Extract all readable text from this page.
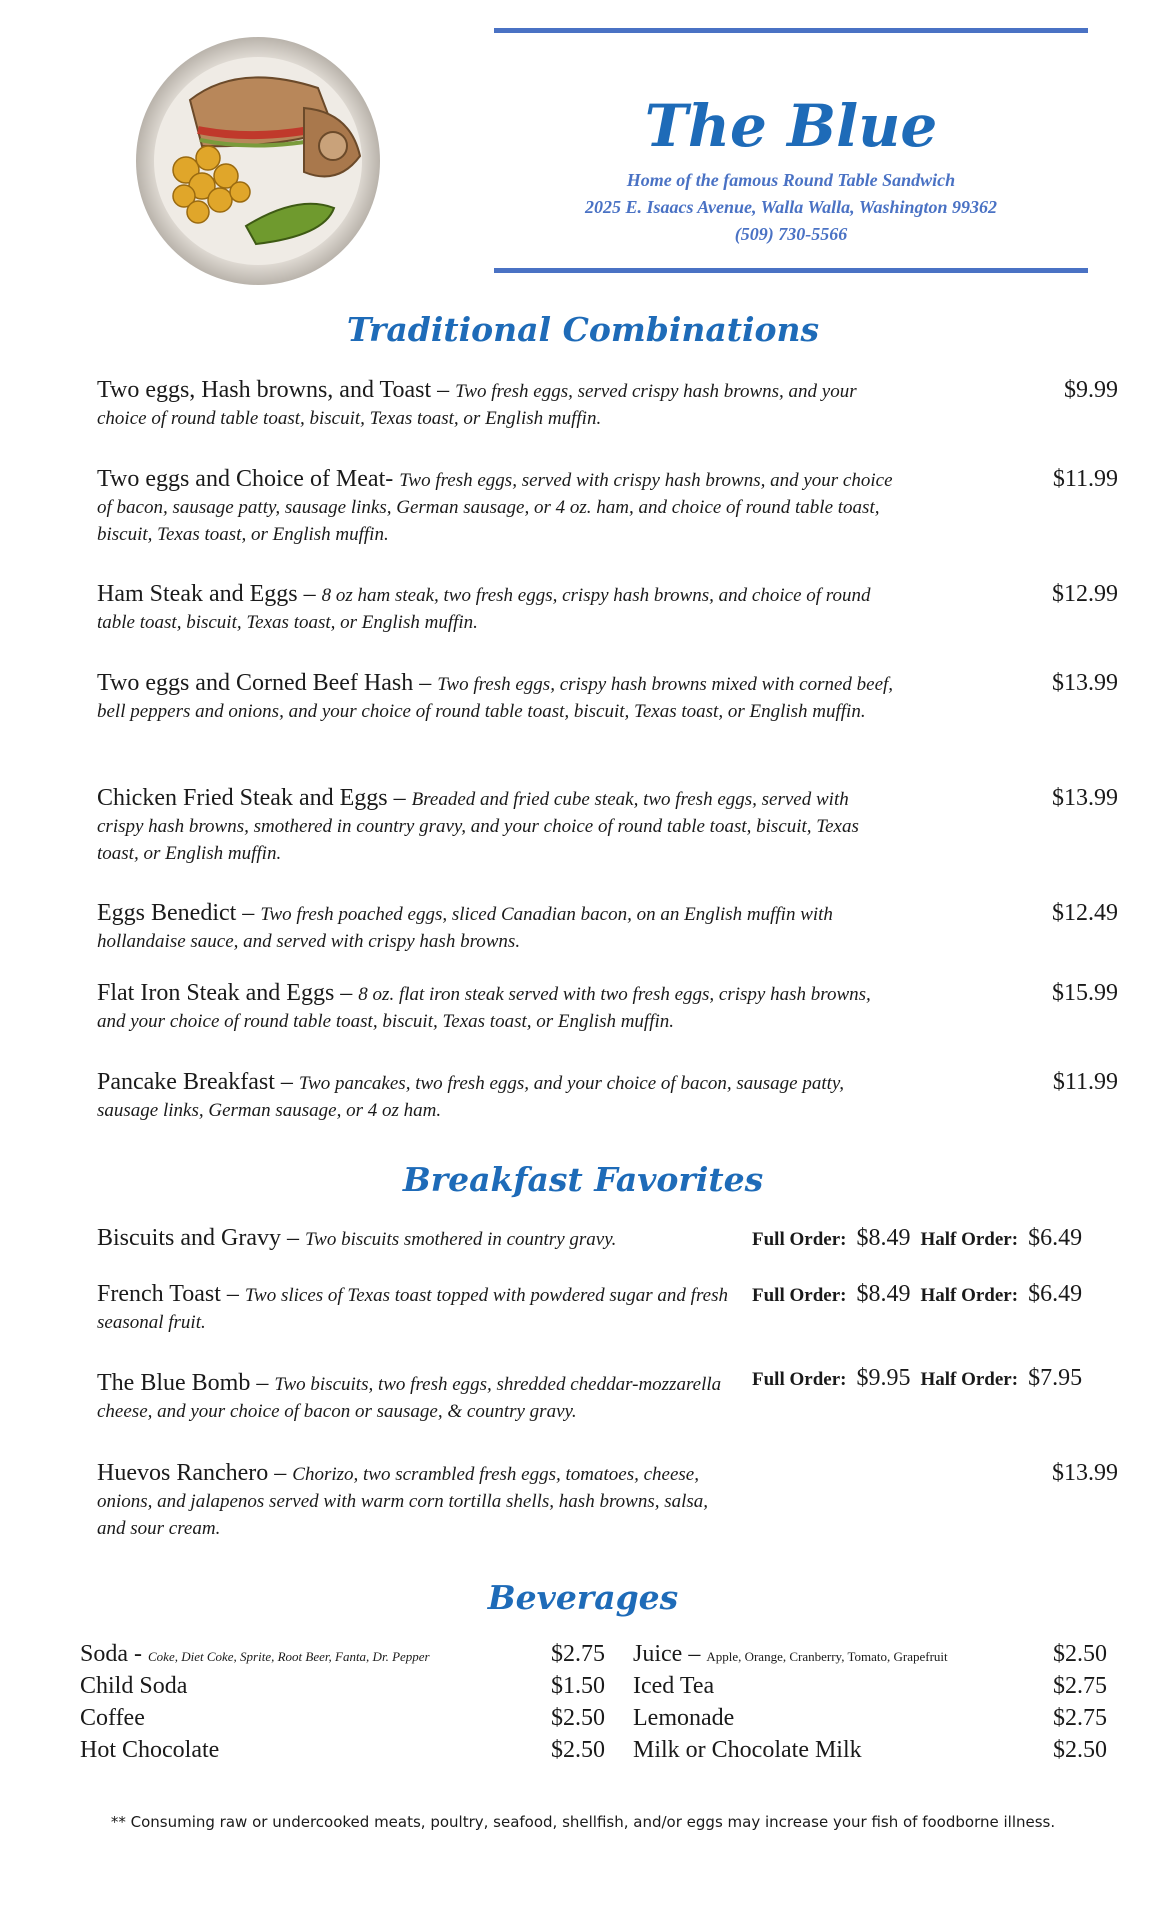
The Blue
Home of the famous Round Table Sandwich
2025 E. Isaacs Avenue, Walla Walla, Washington 99362
(509) 730-5566
Traditional Combinations
Two eggs, Hash browns, and Toast – Two fresh eggs, served crispy hash browns, and your choice of round table toast, biscuit, Texas toast, or English muffin.
$9.99
Two eggs and Choice of Meat- Two fresh eggs, served with crispy hash browns, and your choice of bacon, sausage patty, sausage links, German sausage, or 4 oz. ham, and choice of round table toast, biscuit, Texas toast, or English muffin.
$11.99
Ham Steak and Eggs – 8 oz ham steak, two fresh eggs, crispy hash browns, and choice of round table toast, biscuit, Texas toast, or English muffin.
$12.99
Two eggs and Corned Beef Hash – Two fresh eggs, crispy hash browns mixed with corned beef, bell peppers and onions, and your choice of round table toast, biscuit, Texas toast, or English muffin.
$13.99
Chicken Fried Steak and Eggs – Breaded and fried cube steak, two fresh eggs, served with crispy hash browns, smothered in country gravy, and your choice of round table toast, biscuit, Texas toast, or English muffin.
$13.99
Eggs Benedict – Two fresh poached eggs, sliced Canadian bacon, on an English muffin with hollandaise sauce, and served with crispy hash browns.
$12.49
Flat Iron Steak and Eggs – 8 oz. flat iron steak served with two fresh eggs, crispy hash browns, and your choice of round table toast, biscuit, Texas toast, or English muffin.
$15.99
Pancake Breakfast – Two pancakes, two fresh eggs, and your choice of bacon, sausage patty, sausage links, German sausage, or 4 oz ham.
$11.99
Breakfast Favorites
Biscuits and Gravy – Two biscuits smothered in country gravy.	Full Order: $8.49 Half Order: $6.49
French Toast – Two slices of Texas toast topped with powdered sugar and fresh seasonal fruit.
Full Order: $8.49 Half Order: $6.49
The Blue Bomb – Two biscuits, two fresh eggs, shredded cheddar-mozzarella cheese, and your choice of bacon or sausage, & country gravy.
Full Order: $9.95 Half Order: $7.95
Huevos Ranchero – Chorizo, two scrambled fresh eggs, tomatoes, cheese, onions, and jalapenos served with warm corn tortilla shells, hash browns, salsa, and sour cream.
$13.99
Beverages
Soda - Coke, Diet Coke, Sprite, Root Beer, Fanta, Dr. Pepper	$2.75
Child Soda	$1.50
Coffee	$2.50
Hot Chocolate	$2.50
Juice – Apple, Orange, Cranberry, Tomato, Grapefruit	$2.50
Iced Tea	$2.75
Lemonade	$2.75
Milk or Chocolate Milk	$2.50
** Consuming raw or undercooked meats, poultry, seafood, shellfish, and/or eggs may increase your fish of foodborne illness.
